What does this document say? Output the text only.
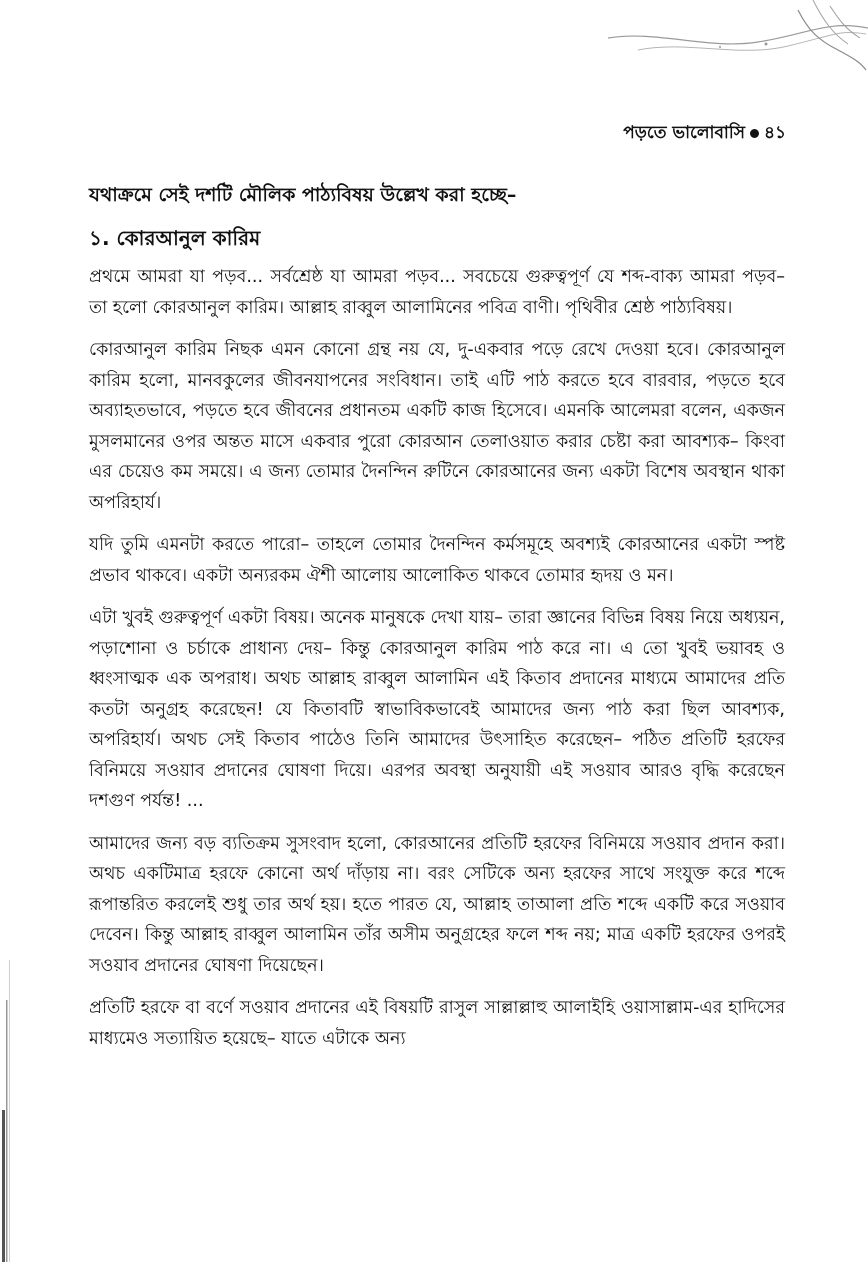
পড়তে ভালোবাসি ৪১

যথাক্রমে সেই দশটি মৌলিক পাঠ্যবিষয় উল্লেখ করা হচ্ছে–

১. কোরআনুল কারিম

প্রথমে আমরা যা পড়ব... সর্বশ্রেষ্ঠ যা আমরা পড়ব... সবচেয়ে গুরুত্বপূর্ণ যে শব্দ-বাক্য আমরা পড়ব– তা হলো কোরআনুল কারিম। আল্লাহ রাব্বুল আলামিনের পবিত্র বাণী। পৃথিবীর শ্রেষ্ঠ পাঠ্যবিষয়।

কোরআনুল কারিম নিছক এমন কোনো গ্রন্থ নয় যে, দু-একবার পড়ে রেখে দেওয়া হবে। কোরআনুল কারিম হলো, মানবকুলের জীবনযাপনের সংবিধান। তাই এটি পাঠ করতে হবে বারবার, পড়তে হবে অব্যাহতভাবে, পড়তে হবে জীবনের প্রধানতম একটি কাজ হিসেবে। এমনকি আলেমরা বলেন, একজন মুসলমানের ওপর অন্তত মাসে একবার পুরো কোরআন তেলাওয়াত করার চেষ্টা করা আবশ্যক– কিংবা এর চেয়েও কম সময়ে। এ জন্য তোমার দৈনন্দিন রুটিনে কোরআনের জন্য একটা বিশেষ অবস্থান থাকা অপরিহার্য।

যদি তুমি এমনটা করতে পারো– তাহলে তোমার দৈনন্দিন কর্মসমূহে অবশ্যই কোরআনের একটা স্পষ্ট প্রভাব থাকবে। একটা অন্যরকম ঐশী আলোয় আলোকিত থাকবে তোমার হৃদয় ও মন।

এটা খুবই গুরুত্বপূর্ণ একটা বিষয়। অনেক মানুষকে দেখা যায়– তারা জ্ঞানের বিভিন্ন বিষয় নিয়ে অধ্যয়ন, পড়াশোনা ও চর্চাকে প্রাধান্য দেয়– কিন্তু কোরআনুল কারিম পাঠ করে না। এ তো খুবই ভয়াবহ ও ধ্বংসাত্মক এক অপরাধ। অথচ আল্লাহ রাব্বুল আলামিন এই কিতাব প্রদানের মাধ্যমে আমাদের প্রতি কতটা অনুগ্রহ করেছেন! যে কিতাবটি স্বাভাবিকভাবেই আমাদের জন্য পাঠ করা ছিল আবশ্যক, অপরিহার্য। অথচ সেই কিতাব পাঠেও তিনি আমাদের উৎসাহিত করেছেন– পঠিত প্রতিটি হরফের বিনিময়ে সওয়াব প্রদানের ঘোষণা দিয়ে। এরপর অবস্থা অনুযায়ী এই সওয়াব আরও বৃদ্ধি করেছেন দশগুণ পর্যন্ত! ...

আমাদের জন্য বড় ব্যতিক্রম সুসংবাদ হলো, কোরআনের প্রতিটি হরফের বিনিময়ে সওয়াব প্রদান করা। অথচ একটিমাত্র হরফে কোনো অর্থ দাঁড়ায় না। বরং সেটিকে অন্য হরফের সাথে সংযুক্ত করে শব্দে রূপান্তরিত করলেই শুধু তার অর্থ হয়। হতে পারত যে, আল্লাহ তাআলা প্রতি শব্দে একটি করে সওয়াব দেবেন। কিন্তু আল্লাহ রাব্বুল আলামিন তাঁর অসীম অনুগ্রহের ফলে শব্দ নয়; মাত্র একটি হরফের ওপরই সওয়াব প্রদানের ঘোষণা দিয়েছেন।

প্রতিটি হরফে বা বর্ণে সওয়াব প্রদানের এই বিষয়টি রাসুল সাল্লাল্লাহু আলাইহি ওয়াসাল্লাম-এর হাদিসের মাধ্যমেও সত্যায়িত হয়েছে– যাতে এটাকে অন্য
